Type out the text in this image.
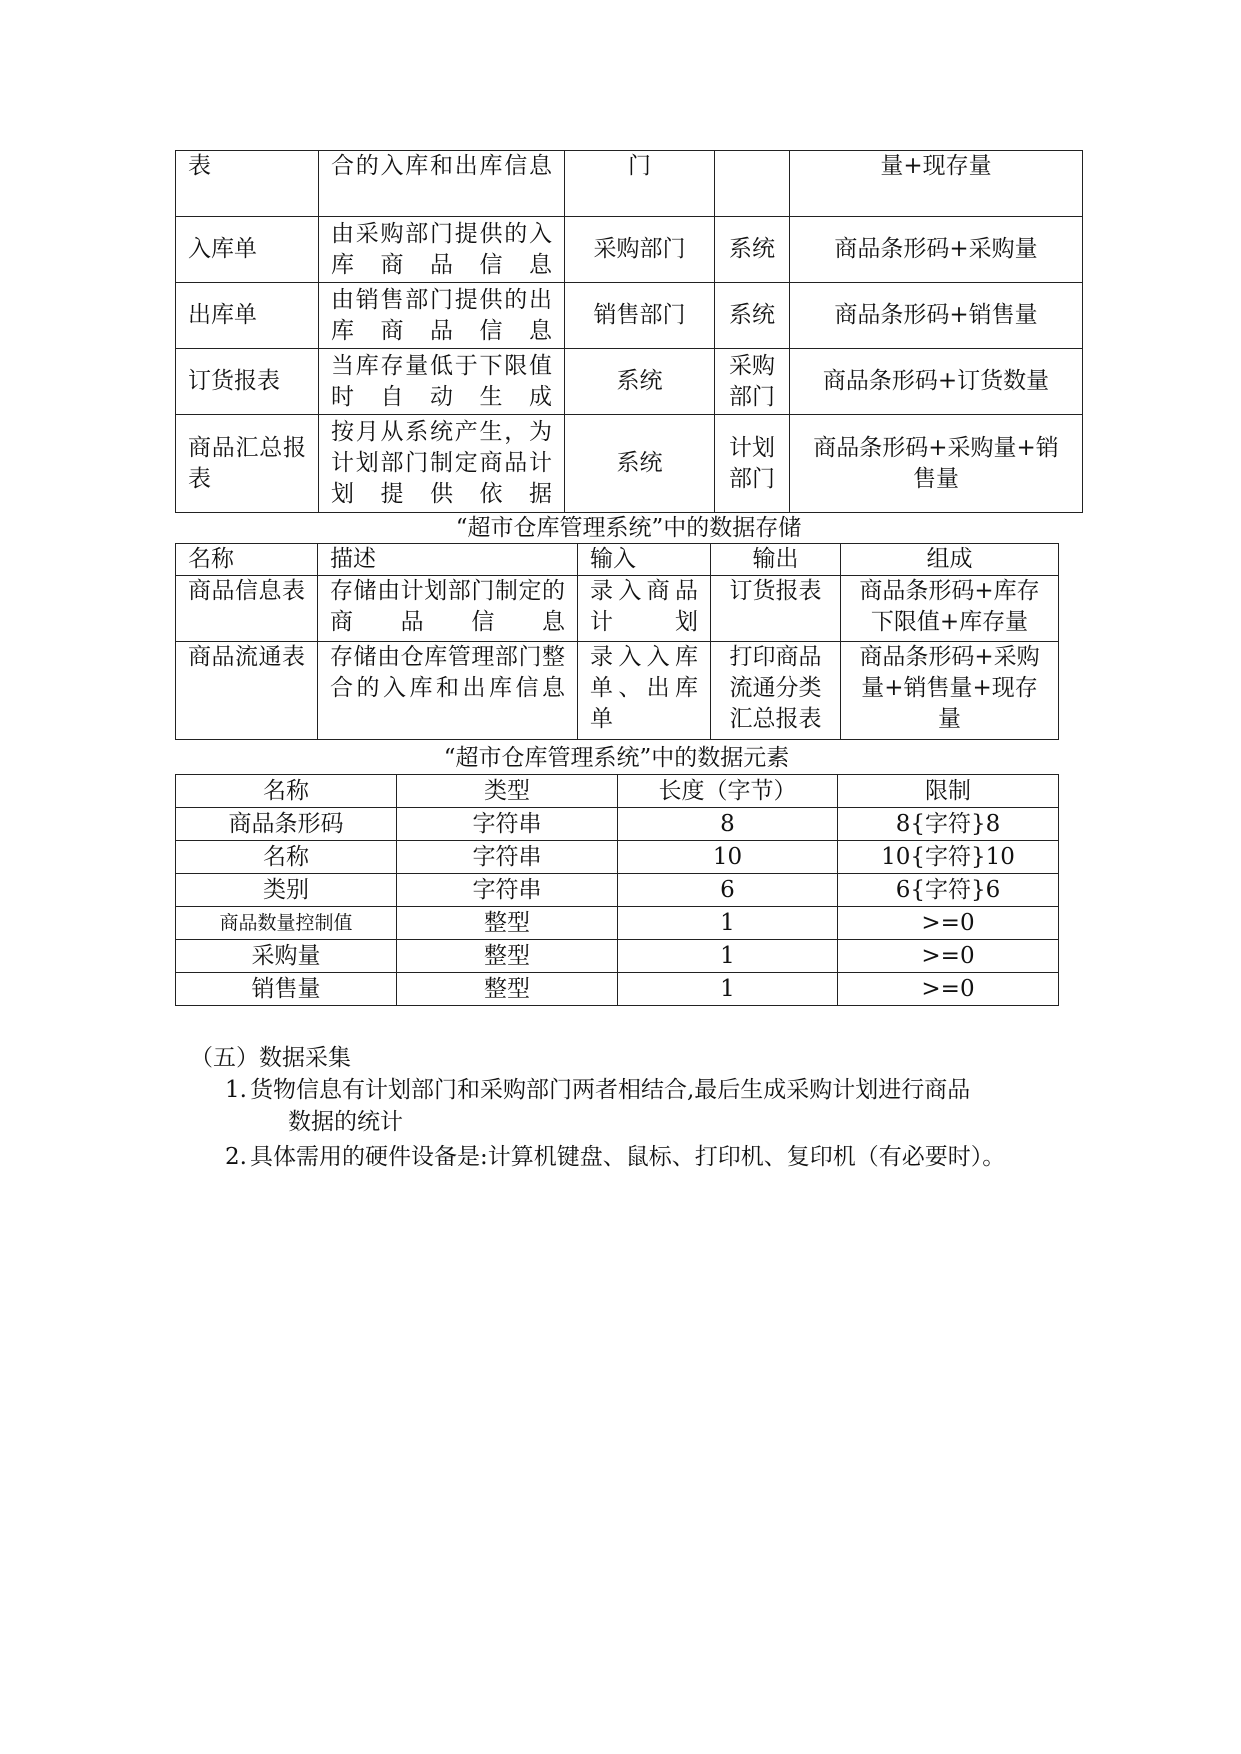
表	合的入库和出库信息	门		量+现存量
入库单	由采购部门提供的入库商品信息	采购部门	系统	商品条形码+采购量
出库单	由销售部门提供的出库商品信息	销售部门	系统	商品条形码+销售量
订货报表	当库存量低于下限值时自动生成	系统	采购部门	商品条形码+订货数量
商品汇总报表	按月从系统产生，为计划部门制定商品计划提供依据	系统	计划部门	商品条形码+采购量+销售量
“超市仓库管理系统”中的数据存储
名称	描述	输入	输出	组成
商品信息表	存储由计划部门制定的商品信息	录入商品计划	订货报表	商品条形码+库存下限值+库存量
商品流通表	存储由仓库管理部门整合的入库和出库信息	录入入库单、出库单	打印商品流通分类汇总报表	商品条形码+采购量+销售量+现存量
“超市仓库管理系统”中的数据元素
名称	类型	长度（字节）	限制
商品条形码	字符串	8	8{字符}8
名称	字符串	10	10{字符}10
类别	字符串	6	6{字符}6
商品数量控制值	整型	1	>=0
采购量	整型	1	>=0
销售量	整型	1	>=0
（五）数据采集
1. 货物信息有计划部门和采购部门两者相结合,最后生成采购计划进行商品
数据的统计
2. 具体需用的硬件设备是:计算机键盘、鼠标、打印机、复印机（有必要时）。
